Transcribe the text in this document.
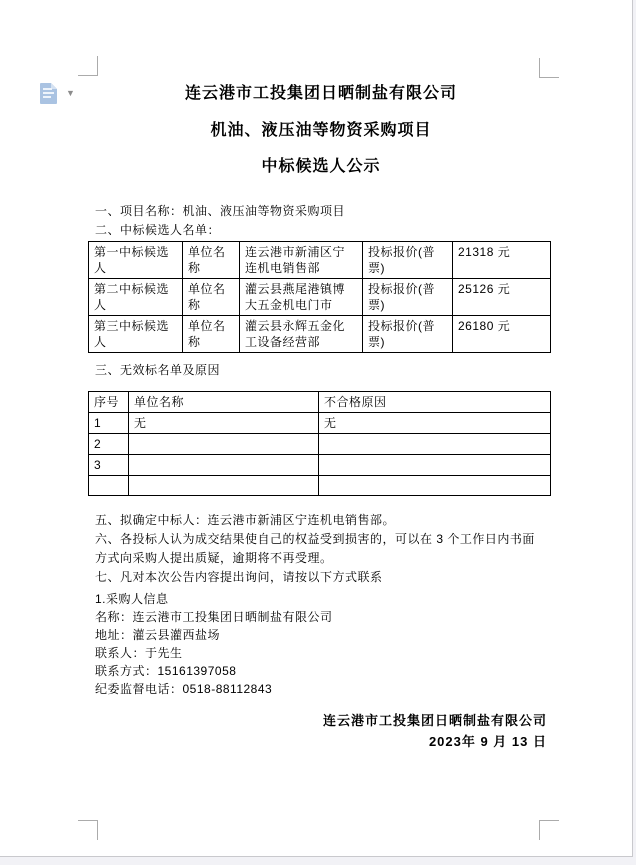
▼	连云港市工投集团日晒制盐有限公司
机油、液压油等物资采购项目
中标候选人公示
一、项目名称：机油、液压油等物资采购项目
二、中标候选人名单：
第一中标候选人	单位名称	连云港市新浦区宁连机电销售部	投标报价(普票)	21318 元
第二中标候选人	单位名称	灌云县燕尾港镇博大五金机电门市	投标报价(普票)	25126 元
第三中标候选人	单位名称	灌云县永辉五金化工设备经营部	投标报价(普票)	26180 元
三、无效标名单及原因
序号	单位名称	不合格原因
1	无	无
2		
3		

五、拟确定中标人：连云港市新浦区宁连机电销售部。
六、各投标人认为成交结果使自己的权益受到损害的，可以在 3 个工作日内书面方式向采购人提出质疑，逾期将不再受理。
七、凡对本次公告内容提出询问，请按以下方式联系
1.采购人信息
名称：连云港市工投集团日晒制盐有限公司
地址：灌云县灌西盐场
联系人：于先生
联系方式：15161397058
纪委监督电话：0518-88112843
连云港市工投集团日晒制盐有限公司
2023年 9 月 13 日
